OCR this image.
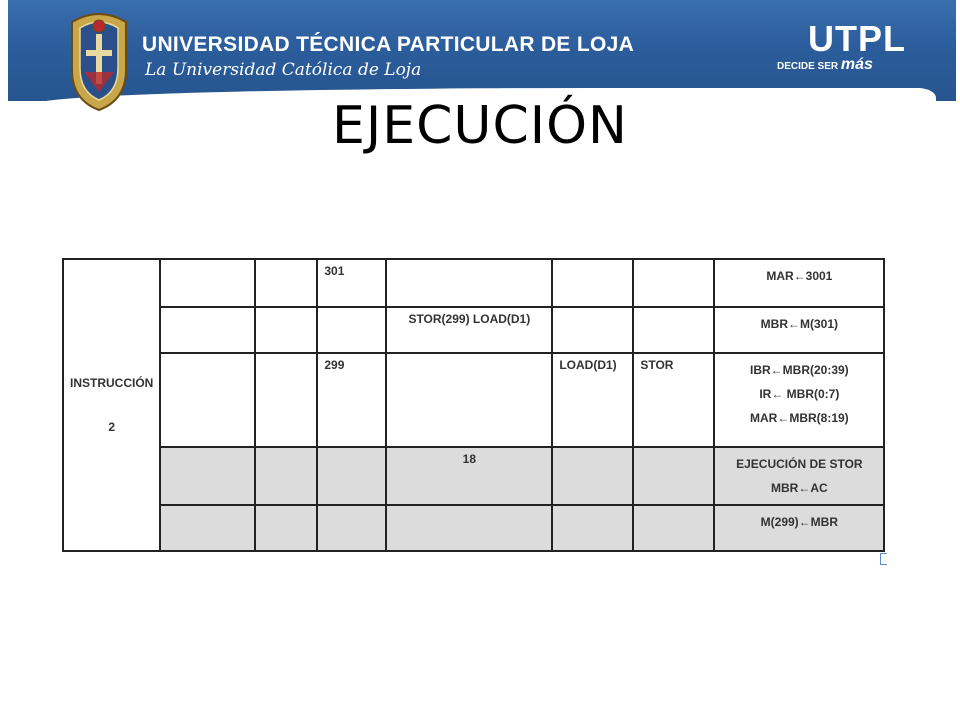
UNIVERSIDAD TÉCNICA PARTICULAR DE LOJA
La Universidad Católica de Loja
UTPL
DECIDE SER más
EJECUCIÓN
INSTRUCCIÓN
2			301				MAR←3001

				STOR(299) LOAD(D1)			MBR←M(301)

			299		LOAD(D1)	STOR	IBR←MBR(20:39)
IR← MBR(0:7)
MAR←MBR(8:19)

				18			EJECUCIÓN DE STOR
MBR←AC

							M(299)←MBR
